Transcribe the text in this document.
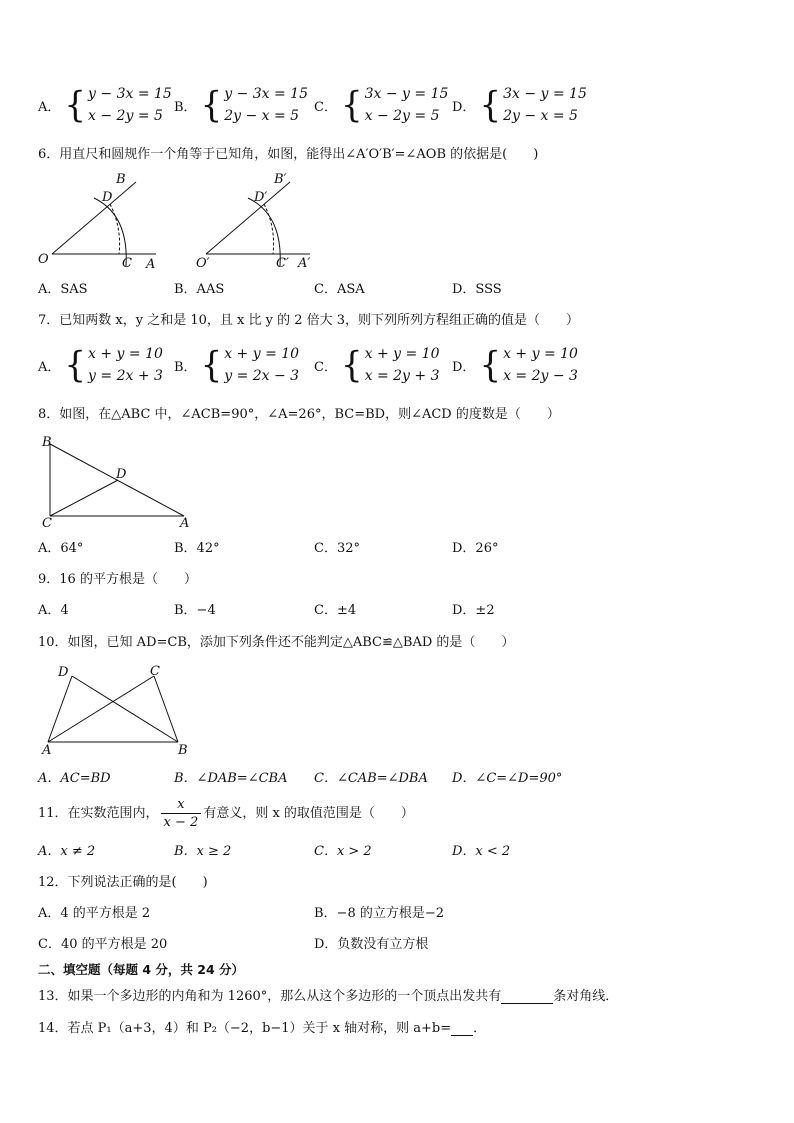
A． { y − 3x = 15
x − 2y = 5
B． { y − 3x = 15
2y − x = 5
C． { 3x − y = 15
x − 2y = 5
D． { 3x − y = 15
2y − x = 5
6．用直尺和圆规作一个角等于已知角，如图，能得出∠A′O′B′=∠AOB 的依据是(　　)
B
D
O	C A
B′
D′
O′	C′ A′
A．SAS	B．AAS	C．ASA	D．SSS
7．已知两数 x，y 之和是 10，且 x 比 y 的 2 倍大 3，则下列所列方程组正确的值是（　　）
A． { x + y = 10
y = 2x + 3
B． { x + y = 10
y = 2x − 3
C． { x + y = 10
x = 2y + 3
D． { x + y = 10
x = 2y − 3
8．如图，在△ABC 中，∠ACB=90°，∠A=26°，BC=BD，则∠ACD 的度数是（　　）
B
D
C	A
A．64°	B．42°	C．32°	D．26°
9．16 的平方根是（　　）
A．4	B．−4	C．±4	D．±2
10．如图，已知 AD=CB，添加下列条件还不能判定△ABC≌△BAD 的是（　　）
D	C
A	B
A．AC=BD	B．∠DAB=∠CBA C．∠CAB=∠DBA D．∠C=∠D=90°
11．在实数范围内， $\frac{x}{x - 2}$ 有意义，则 x 的取值范围是（　　）
A．x ≠ 2	B．x ≥ 2	C．x > 2	D．x < 2
12．下列说法正确的是(　　)
A．4 的平方根是 2	B．−8 的立方根是−2
C．40 的平方根是 20	D．负数没有立方根
二、填空题（每题 4 分，共 24 分）
13．如果一个多边形的内角和为 1260°，那么从这个多边形的一个顶点出发共有	条对角线．
14．若点 P₁（a+3，4）和 P₂（−2，b−1）关于 x 轴对称，则 a+b= ．
